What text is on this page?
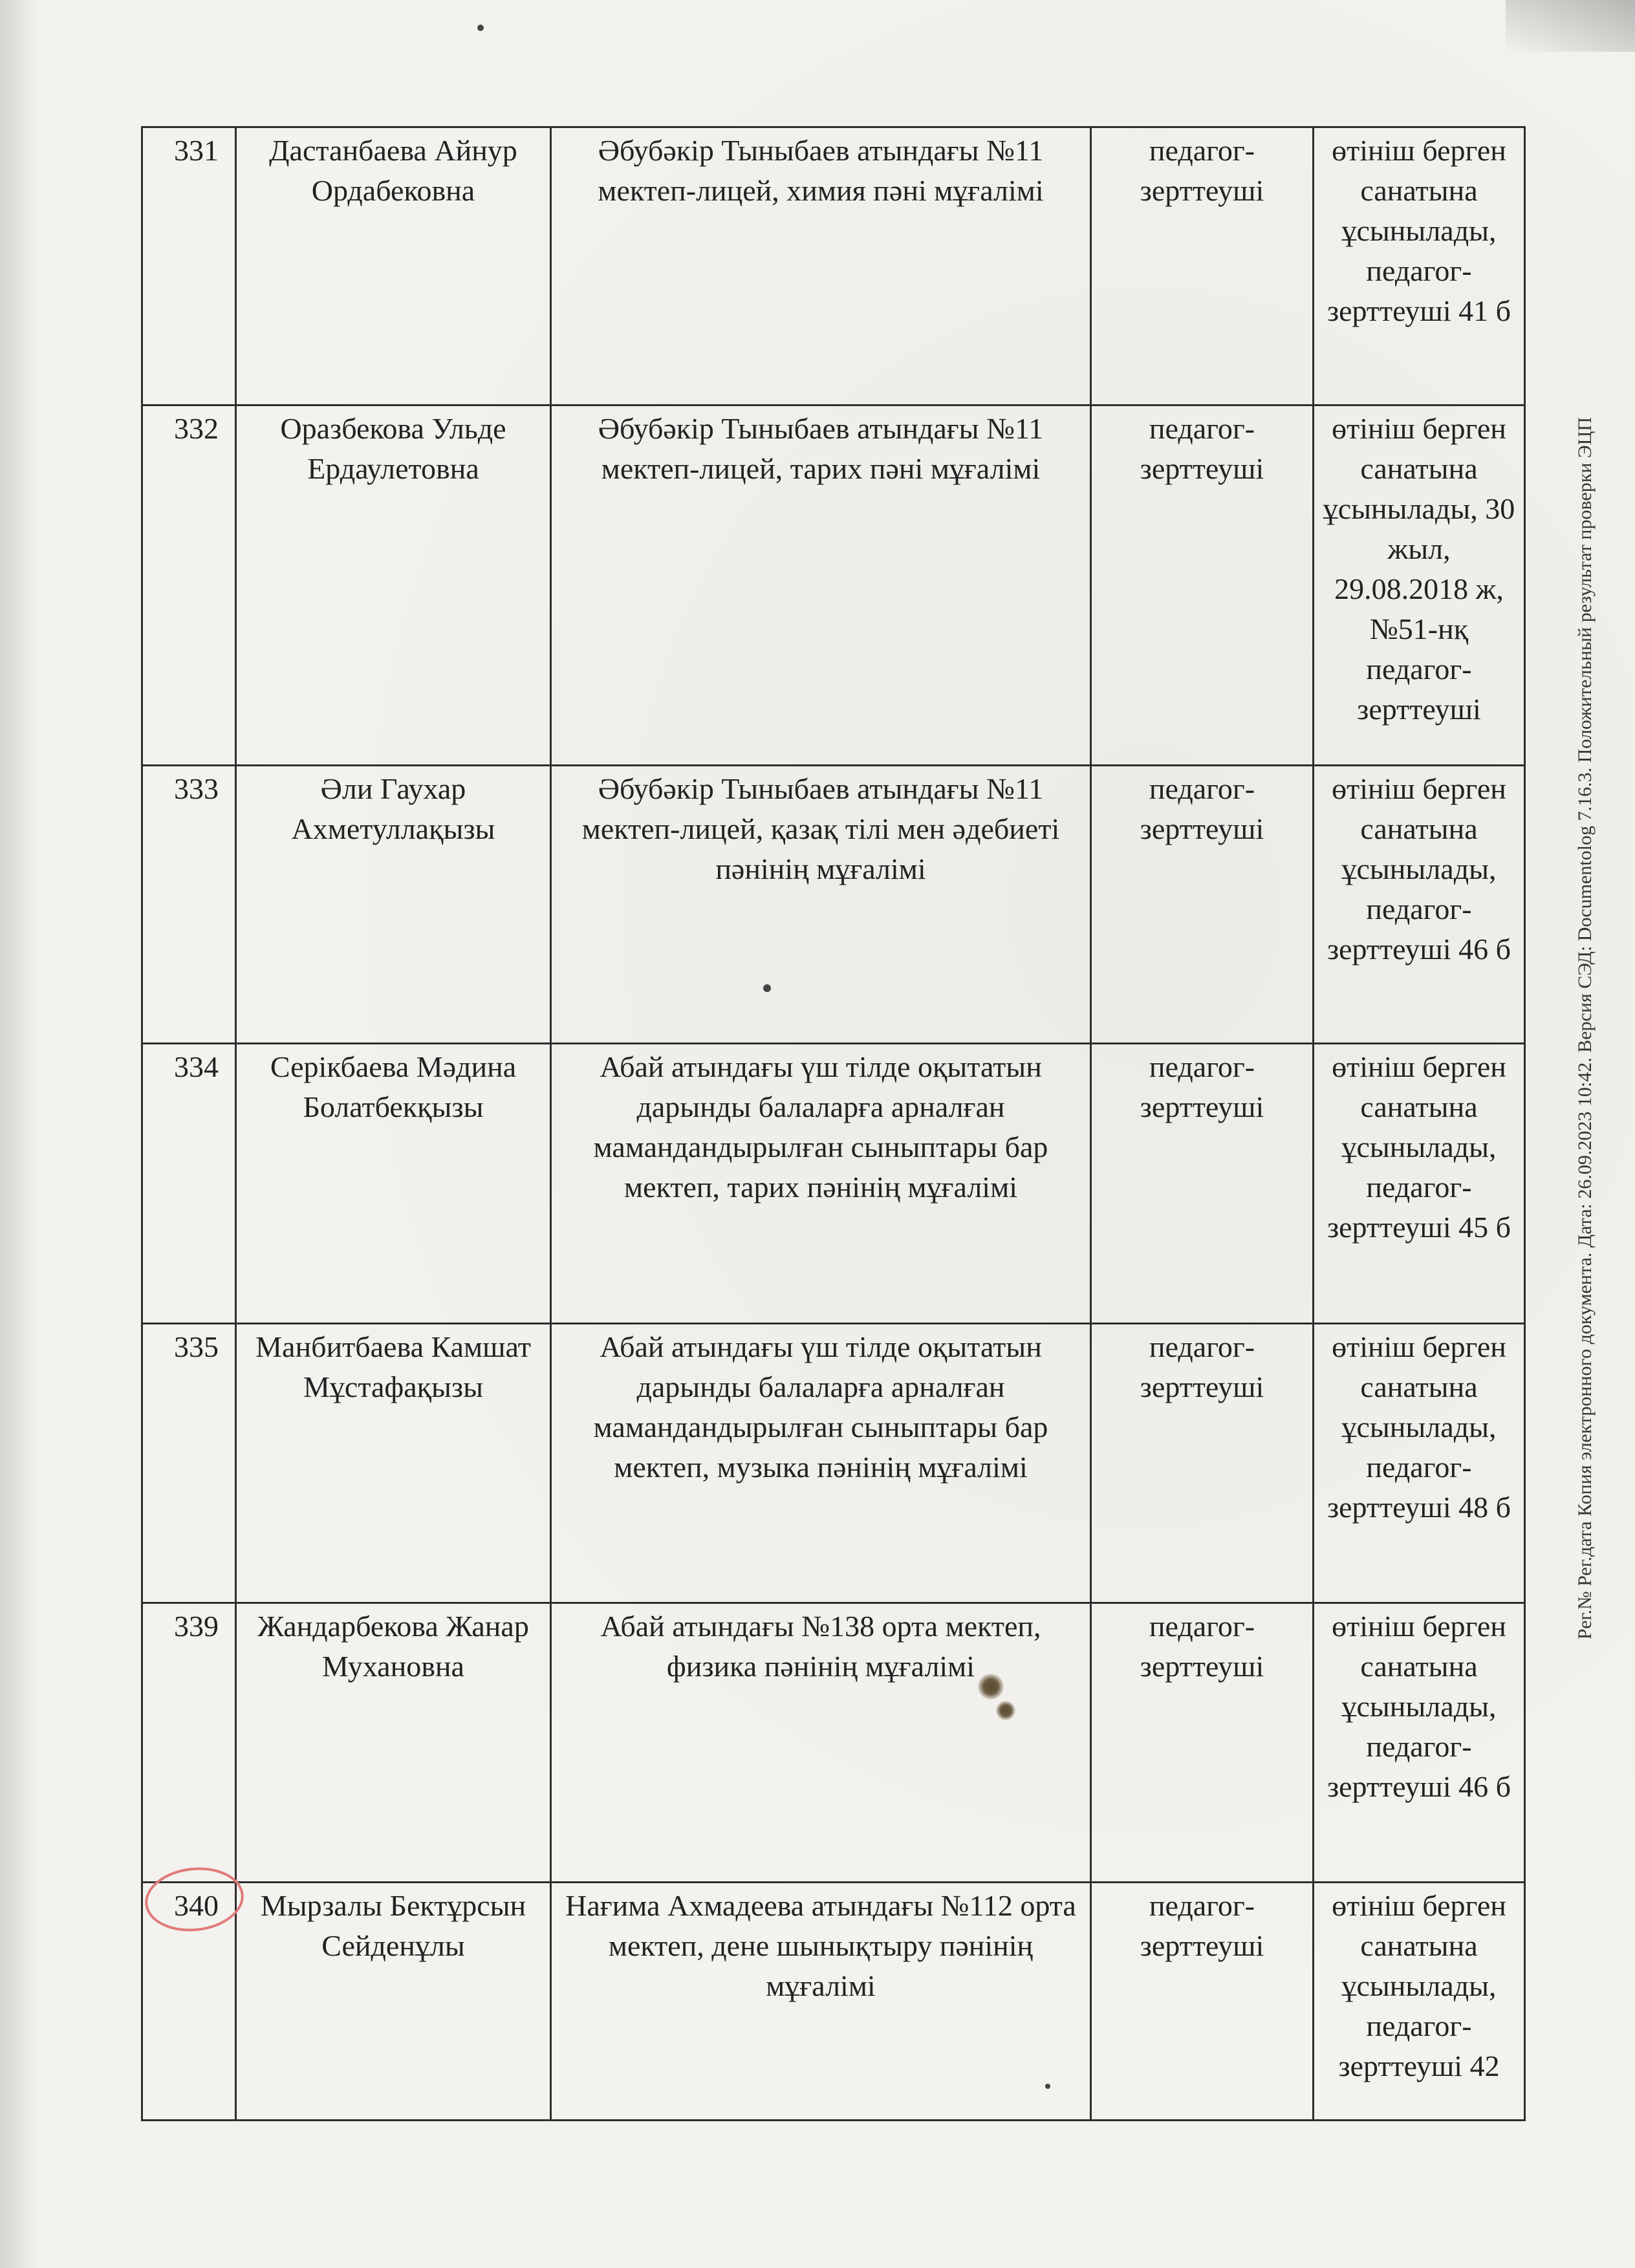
331	Дастанбаева Айнур Ордабековна	Әбубәкір Тыныбаев атындағы №11 мектеп-лицей, химия пәні мұғалімі	педагог-зерттеуші	өтініш берген санатына ұсынылады, педагог-зерттеуші 41 б
332	Оразбекова Ульде Ердаулетовна	Әбубәкір Тыныбаев атындағы №11 мектеп-лицей, тарих пәні мұғалімі	педагог-зерттеуші	өтініш берген санатына ұсынылады, 30 жыл, 29.08.2018 ж, №51-нқ педагог-зерттеуші
333	Әли Гаухар Ахметуллақызы	Әбубәкір Тыныбаев атындағы №11 мектеп-лицей, қазақ тілі мен әдебиеті пәнінің мұғалімі	педагог-зерттеуші	өтініш берген санатына ұсынылады, педагог-зерттеуші 46 б
334	Серікбаева Мәдина Болатбекқызы	Абай атындағы үш тілде оқытатын дарынды балаларға арналған мамандандырылған сыныптары бар мектеп, тарих пәнінің мұғалімі	педагог-зерттеуші	өтініш берген санатына ұсынылады, педагог-зерттеуші 45 б
335	Манбитбаева Камшат Мұстафақызы	Абай атындағы үш тілде оқытатын дарынды балаларға арналған мамандандырылған сыныптары бар мектеп, музыка пәнінің мұғалімі	педагог-зерттеуші	өтініш берген санатына ұсынылады, педагог-зерттеуші 48 б
339	Жандарбекова Жанар Мухановна	Абай атындағы №138 орта мектеп, физика пәнінің мұғалімі	педагог-зерттеуші	өтініш берген санатына ұсынылады, педагог-зерттеуші 46 б
340	Мырзалы Бектұрсын Сейденұлы	Нағима Ахмадеева атындағы №112 орта мектеп, дене шынықтыру пәнінің мұғалімі	педагог-зерттеуші	өтініш берген санатына ұсынылады, педагог-зерттеуші 42
Рег.№ Рег.дата Копия электронного документа. Дата: 26.09.2023 10:42. Версия СЭД: Documentolog 7.16.3. Положительный результат проверки ЭЦП
